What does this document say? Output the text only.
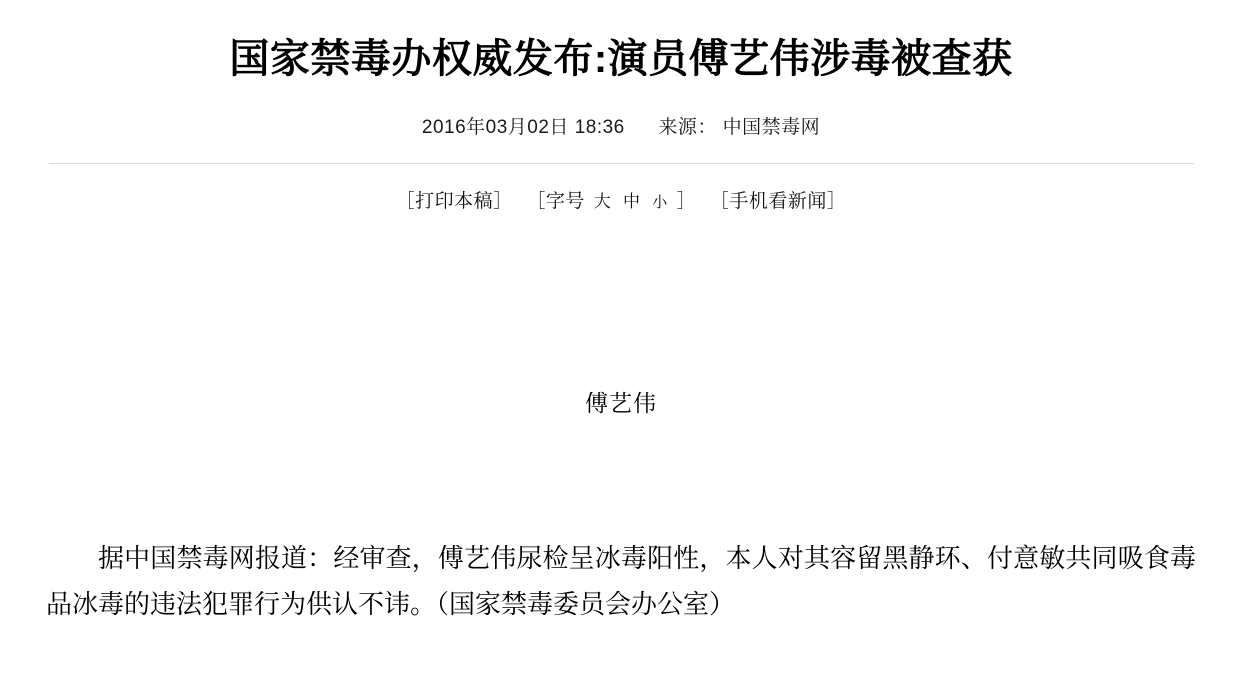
国家禁毒办权威发布:演员傅艺伟涉毒被查获
2016年03月02日 18:36 来源： 中国禁毒网
［打印本稿］ ［字号 大 中 小 ］ ［手机看新闻］
傅艺伟

据中国禁毒网报道：经审查，傅艺伟尿检呈冰毒阳性，本人对其容留黑静环、付意敏共同吸食毒品冰毒的违法犯罪行为供认不讳。（国家禁毒委员会办公室）
